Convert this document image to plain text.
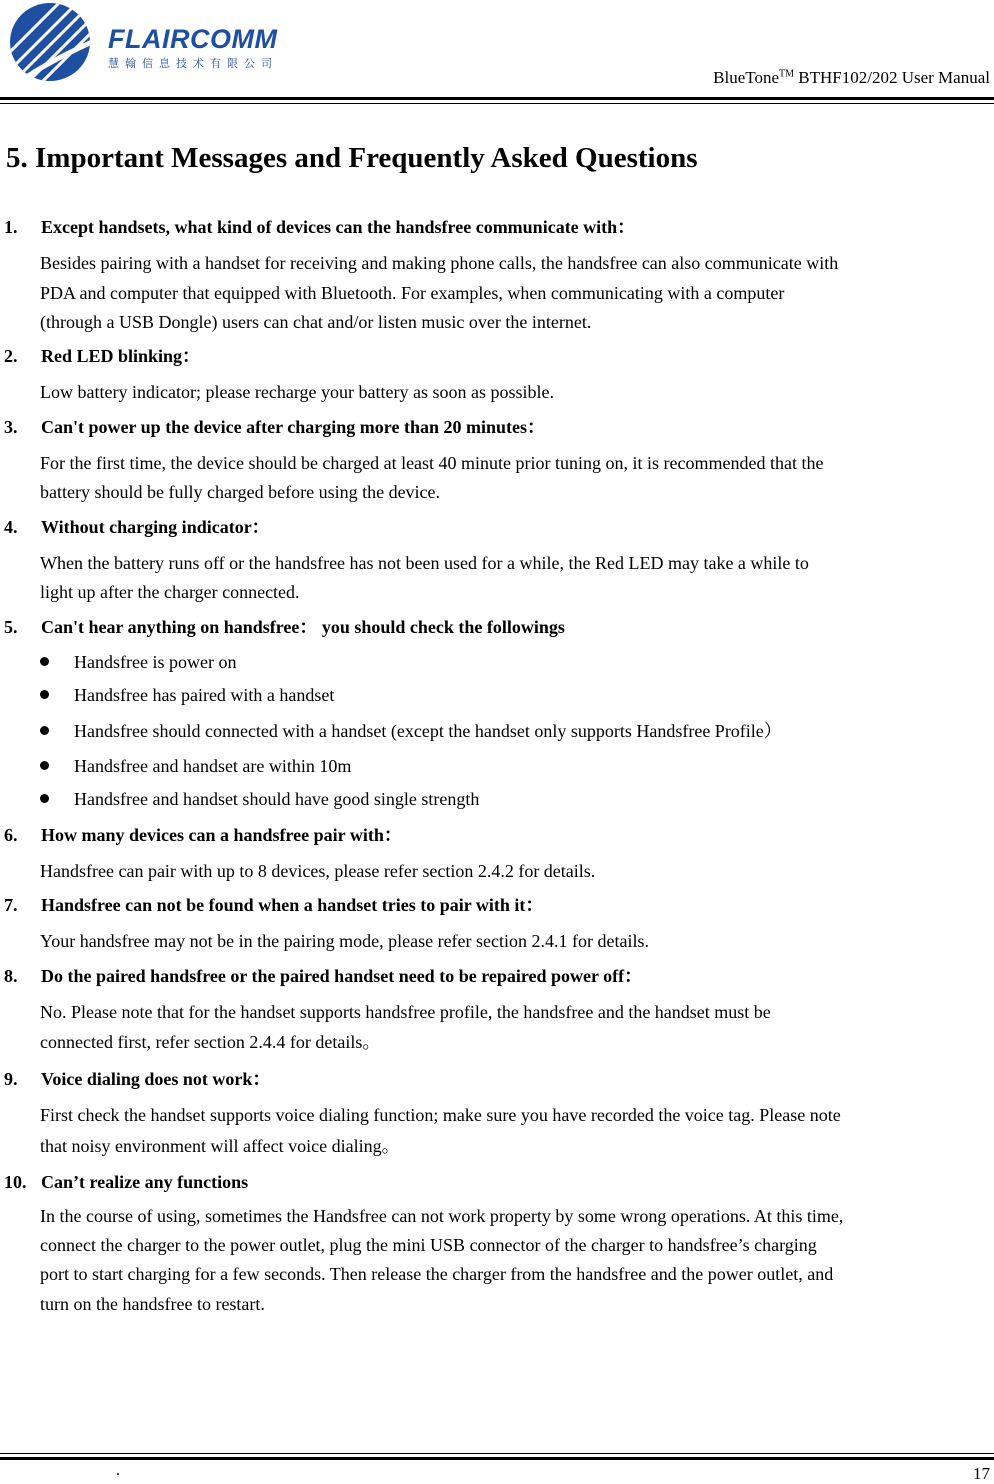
FLAIRCOMM
慧翰信息技术有限公司
BlueTone™ BTHF102/202 User Manual
5. Important Messages and Frequently Asked Questions
1. Except handsets, what kind of devices can the handsfree communicate with：
Besides pairing with a handset for receiving and making phone calls, the handsfree can also communicate with
PDA and computer that equipped with Bluetooth. For examples, when communicating with a computer
(through a USB Dongle) users can chat and/or listen music over the internet.
2. Red LED blinking：
Low battery indicator; please recharge your battery as soon as possible.
3. Can't power up the device after charging more than 20 minutes：
For the first time, the device should be charged at least 40 minute prior tuning on, it is recommended that the
battery should be fully charged before using the device.
4. Without charging indicator：
When the battery runs off or the handsfree has not been used for a while, the Red LED may take a while to
light up after the charger connected.
5. Can't hear anything on handsfree： you should check the followings
Handsfree is power on
Handsfree has paired with a handset
Handsfree should connected with a handset (except the handset only supports Handsfree Profile）
Handsfree and handset are within 10m
Handsfree and handset should have good single strength
6. How many devices can a handsfree pair with：
Handsfree can pair with up to 8 devices, please refer section 2.4.2 for details.
7. Handsfree can not be found when a handset tries to pair with it：
Your handsfree may not be in the pairing mode, please refer section 2.4.1 for details.
8. Do the paired handsfree or the paired handset need to be repaired power off：
No. Please note that for the handset supports handsfree profile, the handsfree and the handset must be
connected first, refer section 2.4.4 for details。
9. Voice dialing does not work：
First check the handset supports voice dialing function; make sure you have recorded the voice tag. Please note
that noisy environment will affect voice dialing。
10. Can’t realize any functions
In the course of using, sometimes the Handsfree can not work property by some wrong operations. At this time,
connect the charger to the power outlet, plug the mini USB connector of the charger to handsfree’s charging
port to start charging for a few seconds. Then release the charger from the handsfree and the power outlet, and
turn on the handsfree to restart.
.	17
